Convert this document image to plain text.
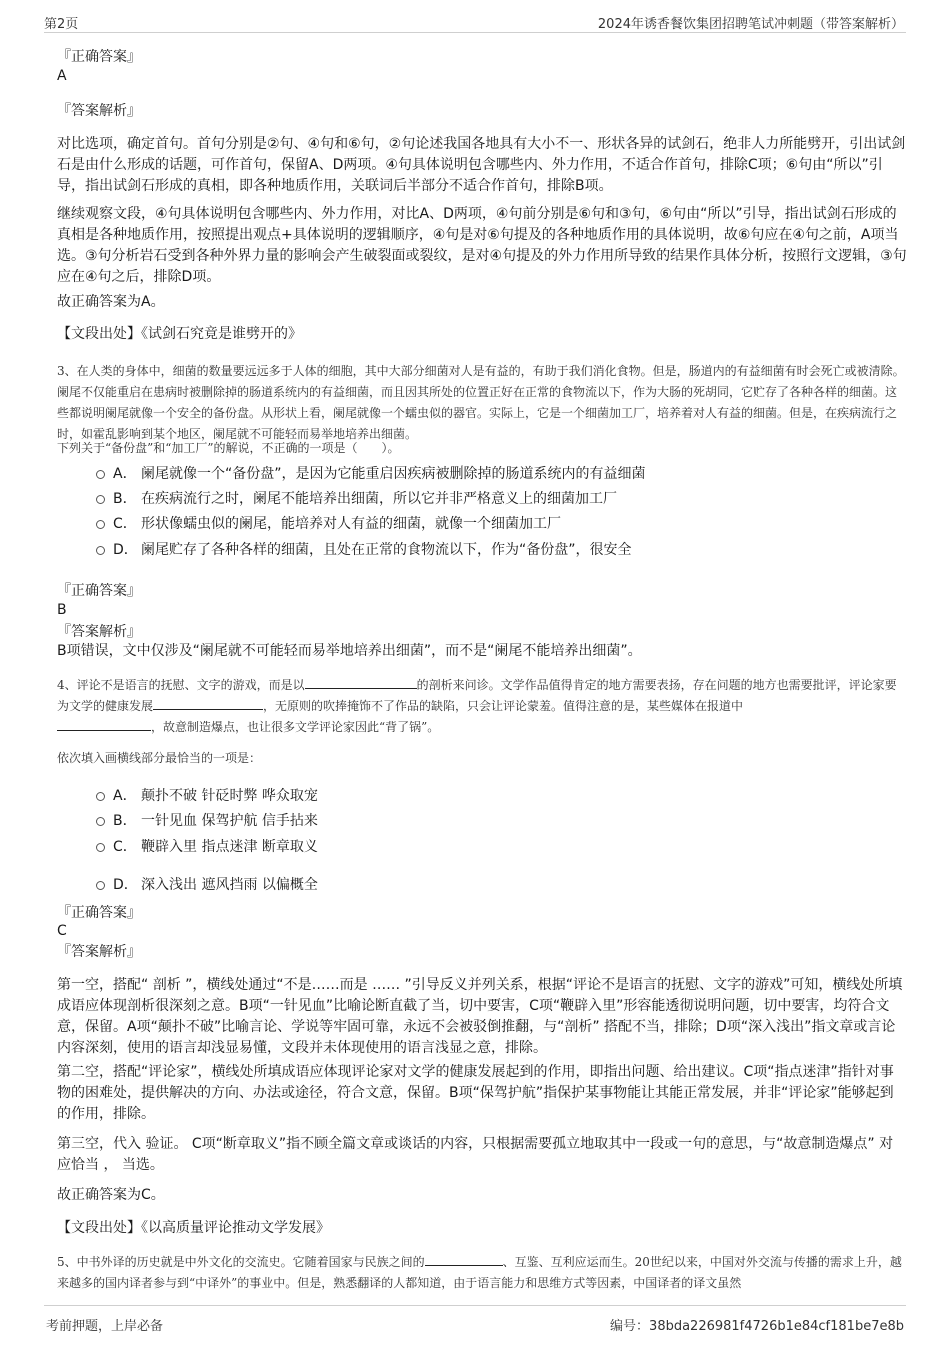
第2页	2024年诱香餐饮集团招聘笔试冲刺题（带答案解析）
『正确答案』
A
『答案解析』
对比选项，确定首句。首句分别是②句、④句和⑥句，②句论述我国各地具有大小不一、形状各异的试剑石，绝非人力所能劈开，引出试剑石是由什么形成的话题，可作首句，保留A、D两项。④句具体说明包含哪些内、外力作用，不适合作首句，排除C项；⑥句由“所以”引导，指出试剑石形成的真相，即各种地质作用，关联词后半部分不适合作首句，排除B项。
继续观察文段，④句具体说明包含哪些内、外力作用，对比A、D两项，④句前分别是⑥句和③句，⑥句由“所以”引导，指出试剑石形成的真相是各种地质作用，按照提出观点+具体说明的逻辑顺序，④句是对⑥句提及的各种地质作用的具体说明，故⑥句应在④句之前，A项当选。③句分析岩石受到各种外界力量的影响会产生破裂面或裂纹，是对④句提及的外力作用所导致的结果作具体分析，按照行文逻辑，③句应在④句之后，排除D项。
故正确答案为A。
【文段出处】《试剑石究竟是谁劈开的》
3、在人类的身体中，细菌的数量要远远多于人体的细胞，其中大部分细菌对人是有益的，有助于我们消化食物。但是，肠道内的有益细菌有时会死亡或被清除。阑尾不仅能重启在患病时被删除掉的肠道系统内的有益细菌，而且因其所处的位置正好在正常的食物流以下，作为大肠的死胡同，它贮存了各种各样的细菌。这些都说明阑尾就像一个安全的备份盘。从形状上看，阑尾就像一个蠕虫似的器官。实际上，它是一个细菌加工厂，培养着对人有益的细菌。但是，在疾病流行之时，如霍乱影响到某个地区，阑尾就不可能轻而易举地培养出细菌。
下列关于“备份盘”和“加工厂”的解说，不正确的一项是（　　）。
A． 阑尾就像一个“备份盘”，是因为它能重启因疾病被删除掉的肠道系统内的有益细菌
B． 在疾病流行之时，阑尾不能培养出细菌，所以它并非严格意义上的细菌加工厂
C． 形状像蠕虫似的阑尾，能培养对人有益的细菌，就像一个细菌加工厂
D． 阑尾贮存了各种各样的细菌，且处在正常的食物流以下，作为“备份盘”，很安全
『正确答案』
B
『答案解析』
B项错误，文中仅涉及“阑尾就不可能轻而易举地培养出细菌”，而不是“阑尾不能培养出细菌”。
4、评论不是语言的抚慰、文字的游戏，而是以	的剖析来问诊。文学作品值得肯定的地方需要表扬，存在问题的地方也需要批评，评论家要为文学的健康发展	，无原则的吹捧掩饰不了作品的缺陷，只会让评论蒙羞。值得注意的是，某些媒体在报道中
，故意制造爆点，也让很多文学评论家因此“背了锅”。
依次填入画横线部分最恰当的一项是：
A． 颠扑不破 针砭时弊 哗众取宠
B． 一针见血 保驾护航 信手拈来
C． 鞭辟入里 指点迷津 断章取义
D． 深入浅出 遮风挡雨 以偏概全
『正确答案』
C
『答案解析』
第一空，搭配“ 剖析 ”，横线处通过“不是……而是 …… ”引导反义并列关系，根据“评论不是语言的抚慰、文字的游戏”可知，横线处所填成语应体现剖析很深刻之意。B项“一针见血”比喻论断直截了当，切中要害，C项“鞭辟入里”形容能透彻说明问题，切中要害，均符合文意，保留。A项“颠扑不破”比喻言论、学说等牢固可靠，永远不会被驳倒推翻，与“剖析” 搭配不当，排除；D项“深入浅出”指文章或言论内容深刻，使用的语言却浅显易懂，文段并未体现使用的语言浅显之意，排除。
第二空，搭配“评论家”，横线处所填成语应体现评论家对文学的健康发展起到的作用，即指出问题、给出建议。C项“指点迷津”指针对事物的困难处，提供解决的方向、办法或途径，符合文意，保留。B项“保驾护航”指保护某事物能让其能正常发展，并非“评论家”能够起到的作用，排除。
第三空，代入 验证。 C项“断章取义”指不顾全篇文章或谈话的内容，只根据需要孤立地取其中一段或一句的意思，与“故意制造爆点” 对应恰当 ， 当选。
故正确答案为C。
【文段出处】《以高质量评论推动文学发展》
5、中书外译的历史就是中外文化的交流史。它随着国家与民族之间的	、互鉴、互利应运而生。20世纪以来，中国对外交流与传播的需求上升，越来越多的国内译者参与到“中译外”的事业中。但是，熟悉翻译的人都知道，由于语言能力和思维方式等因素，中国译者的译文虽然
考前押题，上岸必备	编号：38bda226981f4726b1e84cf181be7e8b
